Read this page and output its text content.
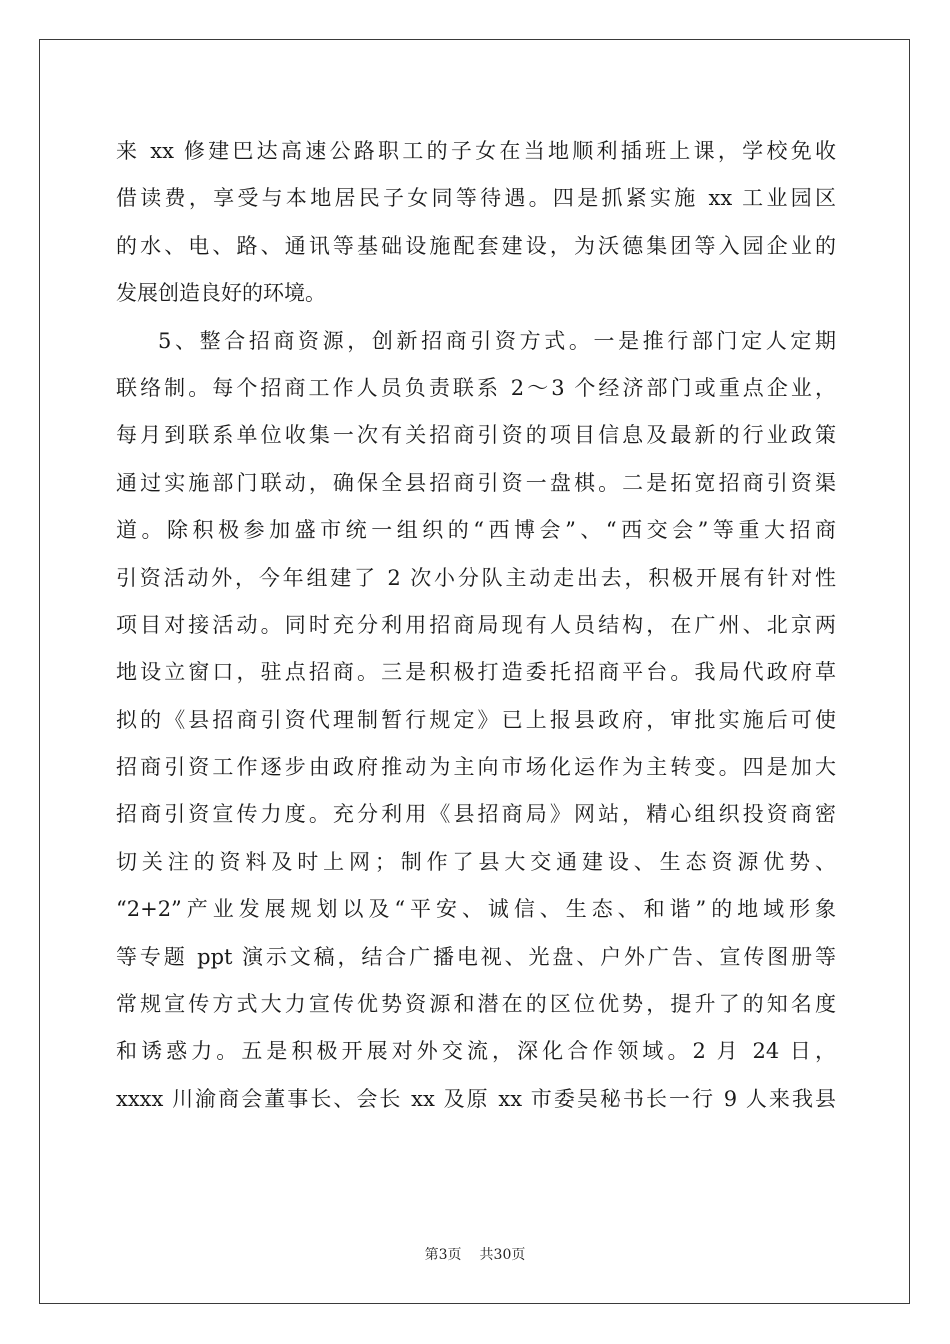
来 xx 修建巴达高速公路职工的子女在当地顺利插班上课，学校免收
借读费，享受与本地居民子女同等待遇。四是抓紧实施 xx 工业园区
的水、电、路、通讯等基础设施配套建设，为沃德集团等入园企业的
发展创造良好的环境。
5、整合招商资源，创新招商引资方式。一是推行部门定人定期
联络制。每个招商工作人员负责联系 2～3 个经济部门或重点企业，
每月到联系单位收集一次有关招商引资的项目信息及最新的行业政策
通过实施部门联动，确保全县招商引资一盘棋。二是拓宽招商引资渠
道。除积极参加盛市统一组织的“西博会”、“西交会”等重大招商
引资活动外，今年组建了 2 次小分队主动走出去，积极开展有针对性
项目对接活动。同时充分利用招商局现有人员结构，在广州、北京两
地设立窗口，驻点招商。三是积极打造委托招商平台。我局代政府草
拟的《县招商引资代理制暂行规定》已上报县政府，审批实施后可使
招商引资工作逐步由政府推动为主向市场化运作为主转变。四是加大
招商引资宣传力度。充分利用《县招商局》网站，精心组织投资商密
切关注的资料及时上网；制作了县大交通建设、生态资源优势、
“2+2”产业发展规划以及“平安、诚信、生态、和谐”的地域形象
等专题 ppt 演示文稿，结合广播电视、光盘、户外广告、宣传图册等
常规宣传方式大力宣传优势资源和潜在的区位优势，提升了的知名度
和诱惑力。五是积极开展对外交流，深化合作领域。2 月 24 日，
xxxx 川渝商会董事长、会长 xx 及原 xx 市委吴秘书长一行 9 人来我县
第3页 共30页
